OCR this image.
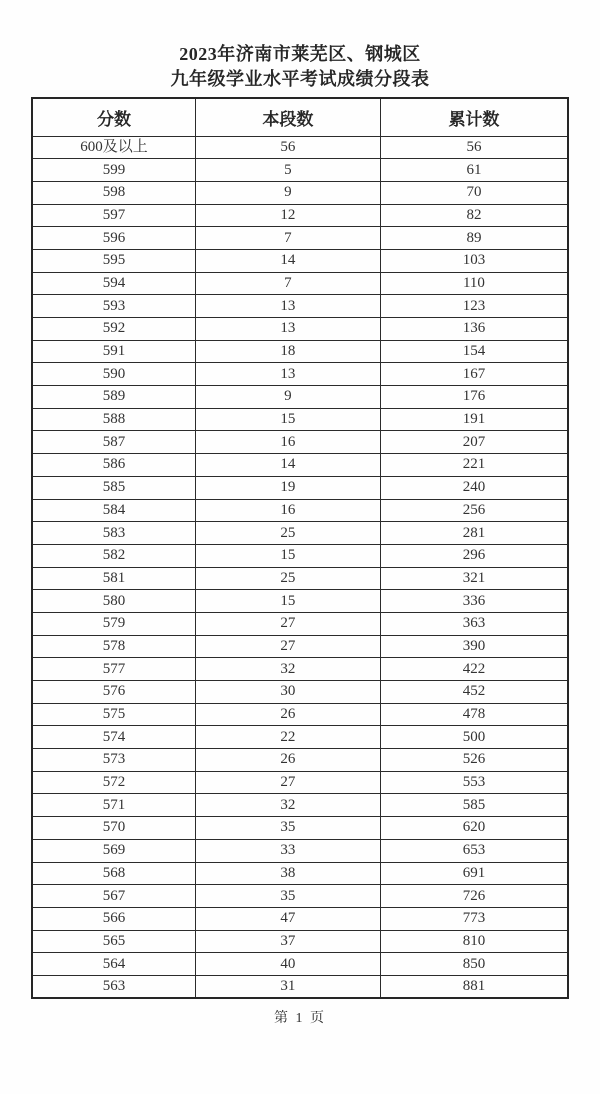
2023年济南市莱芜区、钢城区
九年级学业水平考试成绩分段表
分数	本段数	累计数
600及以上	56	56
599	5	61
598	9	70
597	12	82
596	7	89
595	14	103
594	7	110
593	13	123
592	13	136
591	18	154
590	13	167
589	9	176
588	15	191
587	16	207
586	14	221
585	19	240
584	16	256
583	25	281
582	15	296
581	25	321
580	15	336
579	27	363
578	27	390
577	32	422
576	30	452
575	26	478
574	22	500
573	26	526
572	27	553
571	32	585
570	35	620
569	33	653
568	38	691
567	35	726
566	47	773
565	37	810
564	40	850
563	31	881
第 1 页
